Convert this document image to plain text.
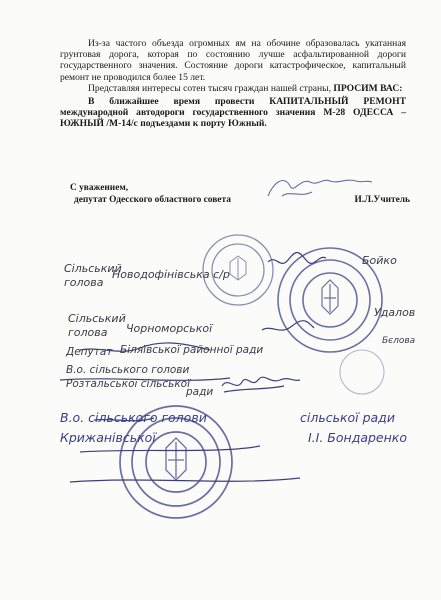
Из-за частого объезда огромных ям на обочине образовалась укатанная грунтовая дорога, которая по состоянию лучше асфальтированной дороги государственного значения. Состояние дороги катастрофическое, капитальный ремонт не проводился более 15 лет.

Представляя интересы сотен тысяч граждан нашей страны, ПРОСИМ ВАС:

В ближайшее время провести КАПИТАЛЬНЫЙ РЕМОНТ международной автодороги государственного значения М-28 ОДЕССА – ЮЖНЫЙ /М-14/с подъездами к порту Южный.

С уважением,
депутат Одесского областного совета	И.Л.Учитель
Сільський
голова
Новодофінівська с/р
Бойко
Сільський
голова Чорноморської
Удалов
Депутат Біляївської районної ради
Бєлова
В.о. сільського голови
Розтальської сільської
ради
В.о. сільського голови	сільської ради
Крижанівської	І.І. Бондаренко
